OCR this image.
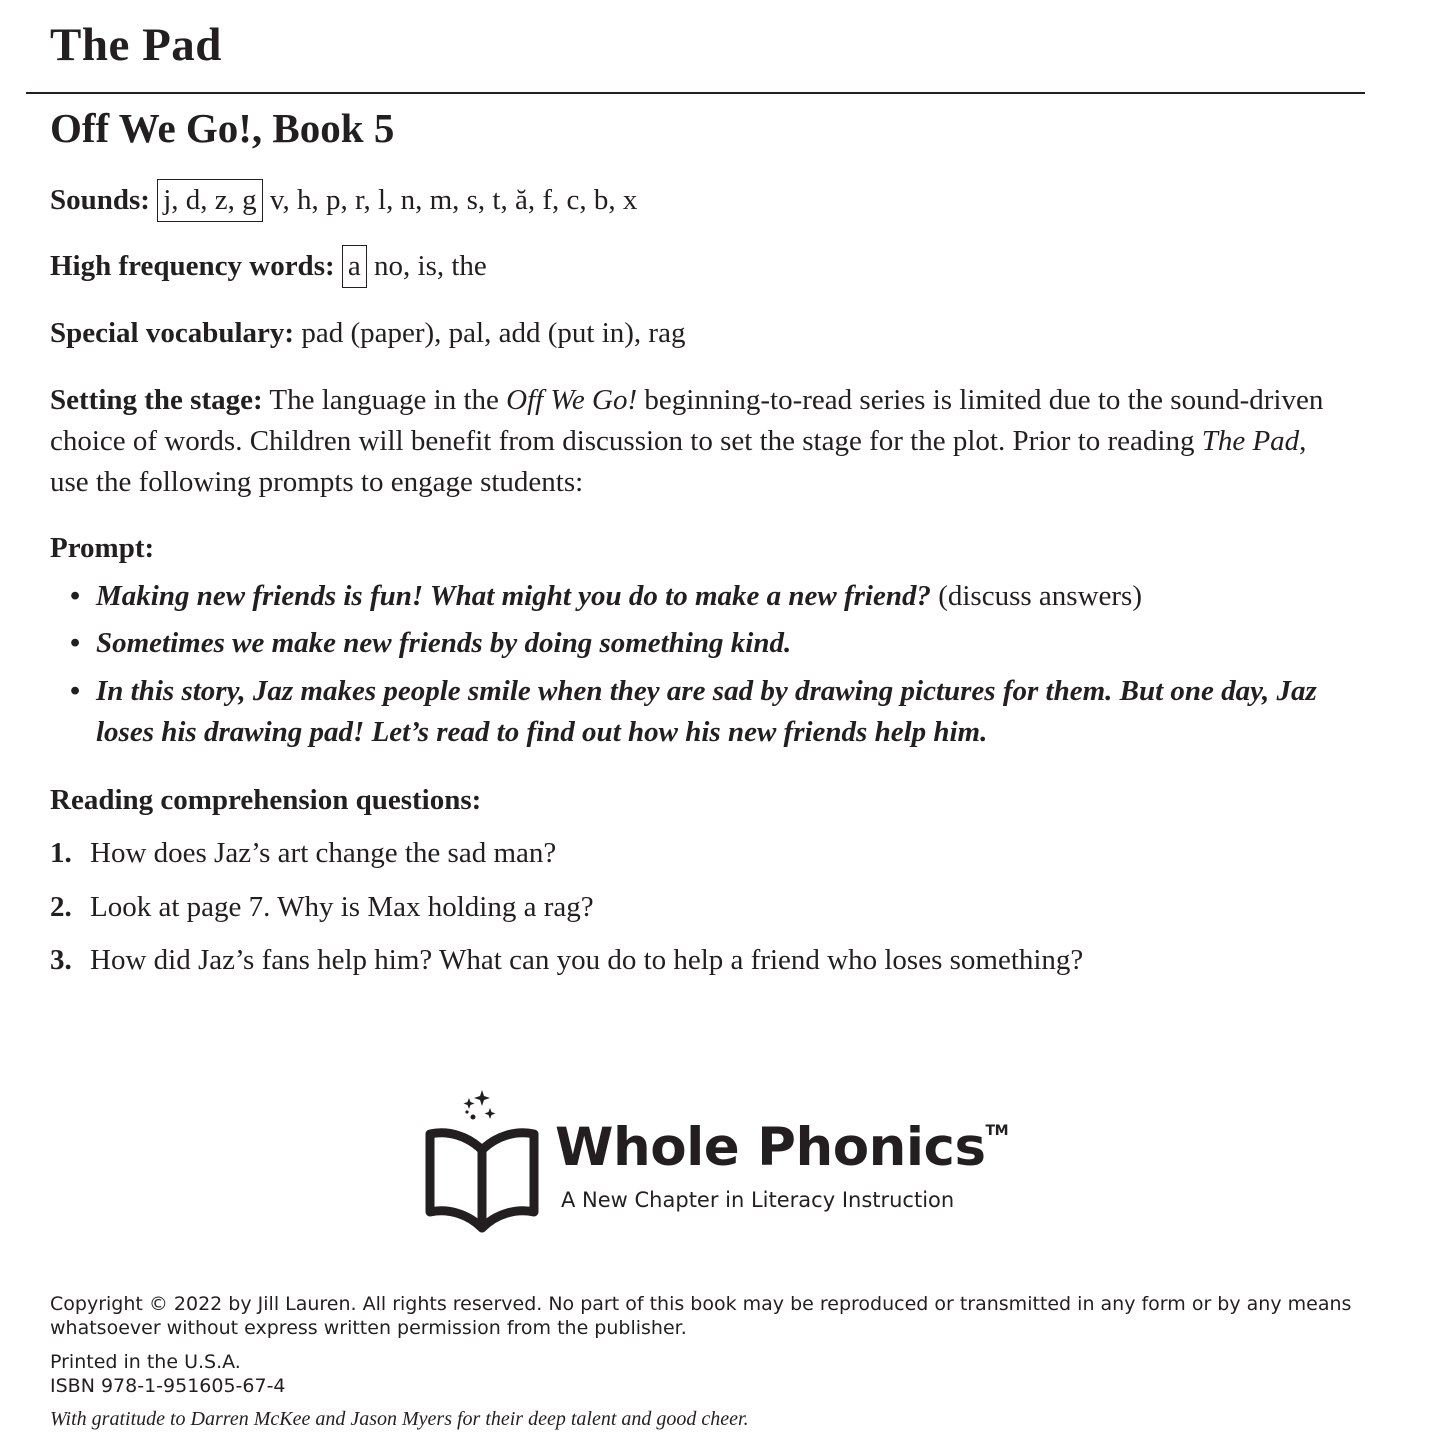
The Pad
Off We Go!, Book 5
Sounds: j, d, z, g v, h, p, r, l, n, m, s, t, ă, f, c, b, x
High frequency words: a no, is, the
Special vocabulary: pad (paper), pal, add (put in), rag
Setting the stage: The language in the Off We Go! beginning-to-read series is limited due to the sound-driven choice of words. Children will benefit from discussion to set the stage for the plot. Prior to reading The Pad, use the following prompts to engage students:
Prompt:
• Making new friends is fun! What might you do to make a new friend? (discuss answers)
• Sometimes we make new friends by doing something kind.
• In this story, Jaz makes people smile when they are sad by drawing pictures for them. But one day, Jaz loses his drawing pad! Let’s read to find out how his new friends help him.
Reading comprehension questions:
1. How does Jaz’s art change the sad man?
2. Look at page 7. Why is Max holding a rag?
3. How did Jaz’s fans help him? What can you do to help a friend who loses something?
Whole Phonics™
A New Chapter in Literacy Instruction
Copyright © 2022 by Jill Lauren. All rights reserved. No part of this book may be reproduced or transmitted in any form or by any means whatsoever without express written permission from the publisher.
Printed in the U.S.A.
ISBN 978-1-951605-67-4
With gratitude to Darren McKee and Jason Myers for their deep talent and good cheer.
